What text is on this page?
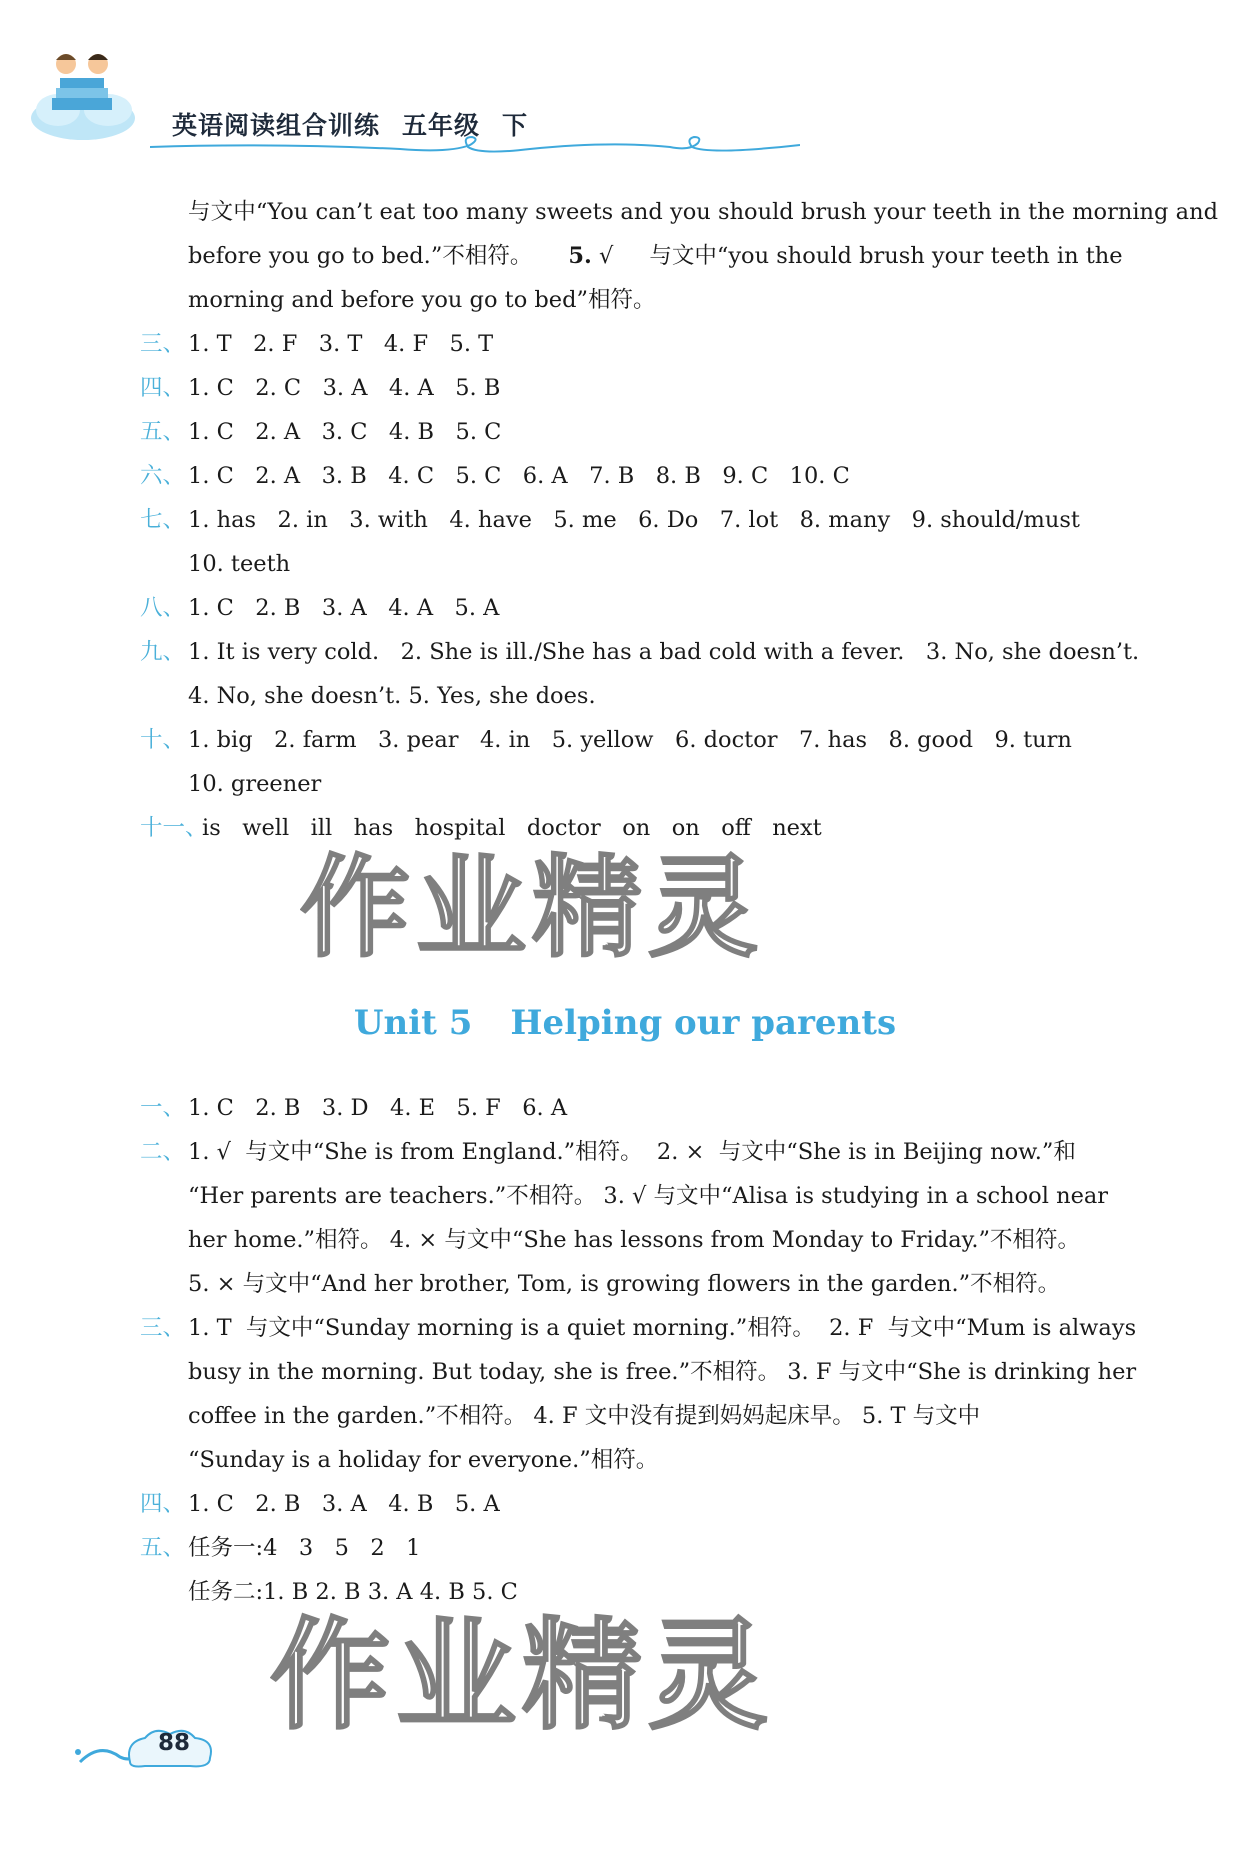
英语阅读组合训练 五年级 下
与文中“You can’t eat too many sweets and you should brush your teeth in the morning and
before you go to bed.”不相符。 5. √ 与文中“you should brush your teeth in the
morning and before you go to bed”相符。
三、 1. T   2. F   3. T   4. F   5. T
四、 1. C   2. C   3. A   4. A   5. B
五、 1. C   2. A   3. C   4. B   5. C
六、 1. C   2. A   3. B   4. C   5. C   6. A   7. B   8. B   9. C   10. C
七、 1. has   2. in   3. with   4. have   5. me   6. Do   7. lot   8. many   9. should/must
10. teeth
八、 1. C   2. B   3. A   4. A   5. A
九、 1. It is very cold.   2. She is ill./She has a bad cold with a fever.   3. No, she doesn’t.
4. No, she doesn’t. 5. Yes, she does.
十、 1. big   2. farm   3. pear   4. in   5. yellow   6. doctor   7. has   8. good   9. turn
10. greener
十一、is   well   ill   has   hospital   doctor   on   on   off   next
Unit 5 Helping our parents
一、 1. C   2. B   3. D   4. E   5. F   6. A
二、 1. √  与文中“She is from England.”相符。  2. ×  与文中“She is in Beijing now.”和
“Her parents are teachers.”不相符。 3. √ 与文中“Alisa is studying in a school near
her home.”相符。 4. × 与文中“She has lessons from Monday to Friday.”不相符。
5. × 与文中“And her brother, Tom, is growing flowers in the garden.”不相符。
三、 1. T  与文中“Sunday morning is a quiet morning.”相符。  2. F  与文中“Mum is always
busy in the morning. But today, she is free.”不相符。 3. F 与文中“She is drinking her
coffee in the garden.”不相符。 4. F 文中没有提到妈妈起床早。 5. T 与文中
“Sunday is a holiday for everyone.”相符。
四、 1. C   2. B   3. A   4. B   5. A
五、 任务一:4   3   5   2   1
任务二:1. B 2. B 3. A 4. B 5. C
作业精灵
作业精灵
88
